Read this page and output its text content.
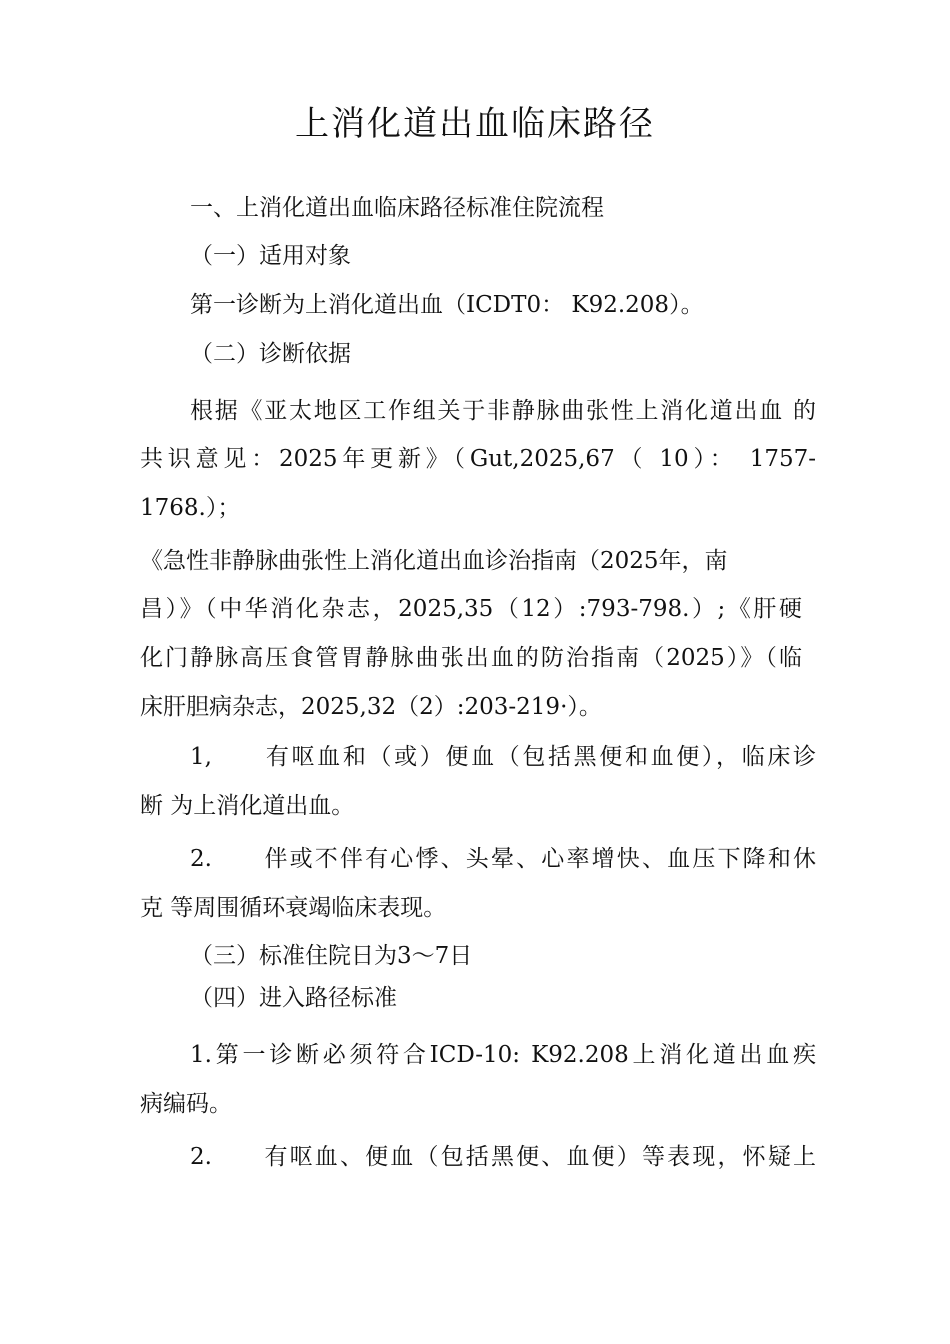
上消化道出血临床路径
一、上消化道出血临床路径标准住院流程
（一）适用对象
第一诊断为上消化道出血（ICDT0： K92.208）。
（二）诊断依据
根据《亚太地区工作组关于非静脉曲张性上消化道出血 的
共识意见：2025年更新》（Gut,2025,67（ 10）： 1757-
1768.）；
《急性非静脉曲张性上消化道出血诊治指南（2025年，南
昌）》（中华消化杂志，2025,35（12）:793-798.）;《肝硬
化门静脉高压食管胃静脉曲张出血的防治指南（2025）》（临
床肝胆病杂志，2025,32（2）:203-219·）。
1,　　有呕血和（或）便血（包括黑便和血便），临床诊
断 为上消化道出血。
2.　　伴或不伴有心悸、头晕、心率增快、血压下降和休
克 等周围循环衰竭临床表现。
（三）标准住院日为3〜7日
（四）进入路径标准
1.第一诊断必须符合ICD-10: K92.208上消化道出血疾
病编码。
2.　　有呕血、便血（包括黑便、血便）等表现，怀疑上
